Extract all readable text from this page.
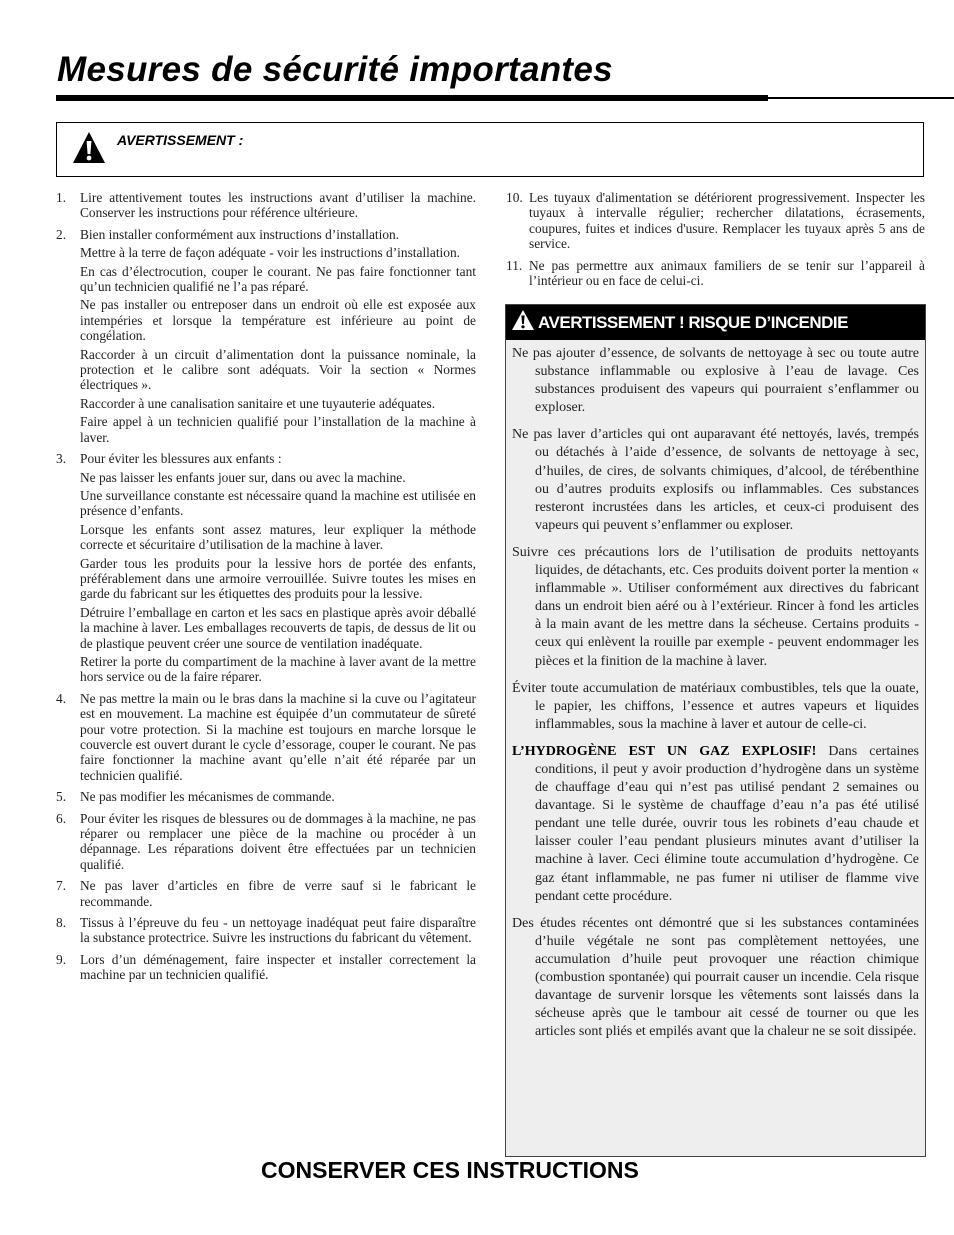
Mesures de sécurité importantes
AVERTISSEMENT :
1. Lire attentivement toutes les instructions avant d’utiliser la machine. Conserver les instructions pour référence ultérieure.
2. Bien installer conformément aux instructions d’installation.
Mettre à la terre de façon adéquate - voir les instructions d’installation.
En cas d’électrocution, couper le courant. Ne pas faire fonctionner tant qu’un technicien qualifié ne l’a pas réparé.
Ne pas installer ou entreposer dans un endroit où elle est exposée aux intempéries et lorsque la température est inférieure au point de congélation.
Raccorder à un circuit d’alimentation dont la puissance nominale, la protection et le calibre sont adéquats. Voir la section « Normes électriques ».
Raccorder à une canalisation sanitaire et une tuyauterie adéquates.
Faire appel à un technicien qualifié pour l’installation de la machine à laver.
3. Pour éviter les blessures aux enfants :
Ne pas laisser les enfants jouer sur, dans ou avec la machine.
Une surveillance constante est nécessaire quand la machine est utilisée en présence d’enfants.
Lorsque les enfants sont assez matures, leur expliquer la méthode correcte et sécuritaire d’utilisation de la machine à laver.
Garder tous les produits pour la lessive hors de portée des enfants, préférablement dans une armoire verrouillée. Suivre toutes les mises en garde du fabricant sur les étiquettes des produits pour la lessive.
Détruire l’emballage en carton et les sacs en plastique après avoir déballé la machine à laver. Les emballages recouverts de tapis, de dessus de lit ou de plastique peuvent créer une source de ventilation inadéquate.
Retirer la porte du compartiment de la machine à laver avant de la mettre hors service ou de la faire réparer.
4. Ne pas mettre la main ou le bras dans la machine si la cuve ou l’agitateur est en mouvement. La machine est équipée d’un commutateur de sûreté pour votre protection. Si la machine est toujours en marche lorsque le couvercle est ouvert durant le cycle d’essorage, couper le courant. Ne pas faire fonctionner la machine avant qu’elle n’ait été réparée par un technicien qualifié.
5. Ne pas modifier les mécanismes de commande.
6. Pour éviter les risques de blessures ou de dommages à la machine, ne pas réparer ou remplacer une pièce de la machine ou procéder à un dépannage. Les réparations doivent être effectuées par un technicien qualifié.
7. Ne pas laver d’articles en fibre de verre sauf si le fabricant le recommande.
8. Tissus à l’épreuve du feu - un nettoyage inadéquat peut faire disparaître la substance protectrice. Suivre les instructions du fabricant du vêtement.
9. Lors d’un déménagement, faire inspecter et installer correctement la machine par un technicien qualifié.
10. Les tuyaux d'alimentation se détériorent progressivement. Inspecter les tuyaux à intervalle régulier; rechercher dilatations, écrasements, coupures, fuites et indices d'usure. Remplacer les tuyaux après 5 ans de service.
11. Ne pas permettre aux animaux familiers de se tenir sur l’appareil à l’intérieur ou en face de celui-ci.
AVERTISSEMENT ! RISQUE D’INCENDIE
Ne pas ajouter d’essence, de solvants de nettoyage à sec ou toute autre substance inflammable ou explosive à l’eau de lavage. Ces substances produisent des vapeurs qui pourraient s’enflammer ou exploser.
Ne pas laver d’articles qui ont auparavant été nettoyés, lavés, trempés ou détachés à l’aide d’essence, de solvants de nettoyage à sec, d’huiles, de cires, de solvants chimiques, d’alcool, de térébenthine ou d’autres produits explosifs ou inflammables. Ces substances resteront incrustées dans les articles, et ceux-ci produisent des vapeurs qui peuvent s’enflammer ou exploser.
Suivre ces précautions lors de l’utilisation de produits nettoyants liquides, de détachants, etc. Ces produits doivent porter la mention « inflammable ». Utiliser conformément aux directives du fabricant dans un endroit bien aéré ou à l’extérieur. Rincer à fond les articles à la main avant de les mettre dans la sécheuse. Certains produits - ceux qui enlèvent la rouille par exemple - peuvent endommager les pièces et la finition de la machine à laver.
Éviter toute accumulation de matériaux combustibles, tels que la ouate, le papier, les chiffons, l’essence et autres vapeurs et liquides inflammables, sous la machine à laver et autour de celle-ci.
L’HYDROGÈNE EST UN GAZ EXPLOSIF! Dans certaines conditions, il peut y avoir production d’hydrogène dans un système de chauffage d’eau qui n’est pas utilisé pendant 2 semaines ou davantage. Si le système de chauffage d’eau n’a pas été utilisé pendant une telle durée, ouvrir tous les robinets d’eau chaude et laisser couler l’eau pendant plusieurs minutes avant d’utiliser la machine à laver. Ceci élimine toute accumulation d’hydrogène. Ce gaz étant inflammable, ne pas fumer ni utiliser de flamme vive pendant cette procédure.
Des études récentes ont démontré que si les substances contaminées d’huile végétale ne sont pas complètement nettoyées, une accumulation d’huile peut provoquer une réaction chimique (combustion spontanée) qui pourrait causer un incendie. Cela risque davantage de survenir lorsque les vêtements sont laissés dans la sécheuse après que le tambour ait cessé de tourner ou que les articles sont pliés et empilés avant que la chaleur ne se soit dissipée.
CONSERVER CES INSTRUCTIONS
